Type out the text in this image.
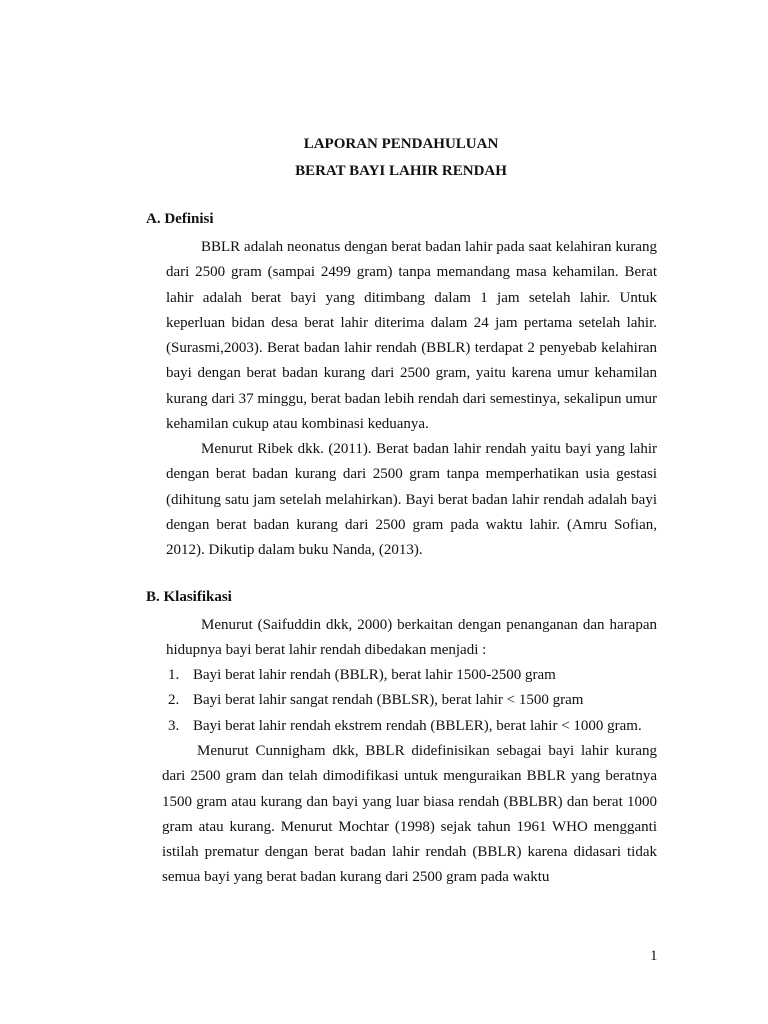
LAPORAN PENDAHULUAN
BERAT BAYI LAHIR RENDAH
A. Definisi

BBLR adalah neonatus dengan berat badan lahir pada saat kelahiran kurang dari 2500 gram (sampai 2499 gram) tanpa memandang masa kehamilan. Berat lahir adalah berat bayi yang ditimbang dalam 1 jam setelah lahir. Untuk keperluan bidan desa berat lahir diterima dalam 24 jam pertama setelah lahir.(Surasmi,2003). Berat badan lahir rendah (BBLR) terdapat 2 penyebab kelahiran bayi dengan berat badan kurang dari 2500 gram, yaitu karena umur kehamilan kurang dari 37 minggu, berat badan lebih rendah dari semestinya, sekalipun umur kehamilan cukup atau kombinasi keduanya.

Menurut Ribek dkk. (2011). Berat badan lahir rendah yaitu bayi yang lahir dengan berat badan kurang dari 2500 gram tanpa memperhatikan usia gestasi (dihitung satu jam setelah melahirkan). Bayi berat badan lahir rendah adalah bayi dengan berat badan kurang dari 2500 gram pada waktu lahir. (Amru Sofian, 2012). Dikutip dalam buku Nanda, (2013).

B. Klasifikasi

Menurut (Saifuddin dkk, 2000) berkaitan dengan penanganan dan harapan hidupnya bayi berat lahir rendah dibedakan menjadi :

1. Bayi berat lahir rendah (BBLR), berat lahir 1500-2500 gram
2. Bayi berat lahir sangat rendah (BBLSR), berat lahir < 1500 gram
3. Bayi berat lahir rendah ekstrem rendah (BBLER), berat lahir < 1000 gram.

Menurut Cunnigham dkk, BBLR didefinisikan sebagai bayi lahir kurang dari 2500 gram dan telah dimodifikasi untuk menguraikan BBLR yang beratnya 1500 gram atau kurang dan bayi yang luar biasa rendah (BBLBR) dan berat 1000 gram atau kurang. Menurut Mochtar (1998) sejak tahun 1961 WHO mengganti istilah prematur dengan berat badan lahir rendah (BBLR) karena didasari tidak semua bayi yang berat badan kurang dari 2500 gram pada waktu

1
